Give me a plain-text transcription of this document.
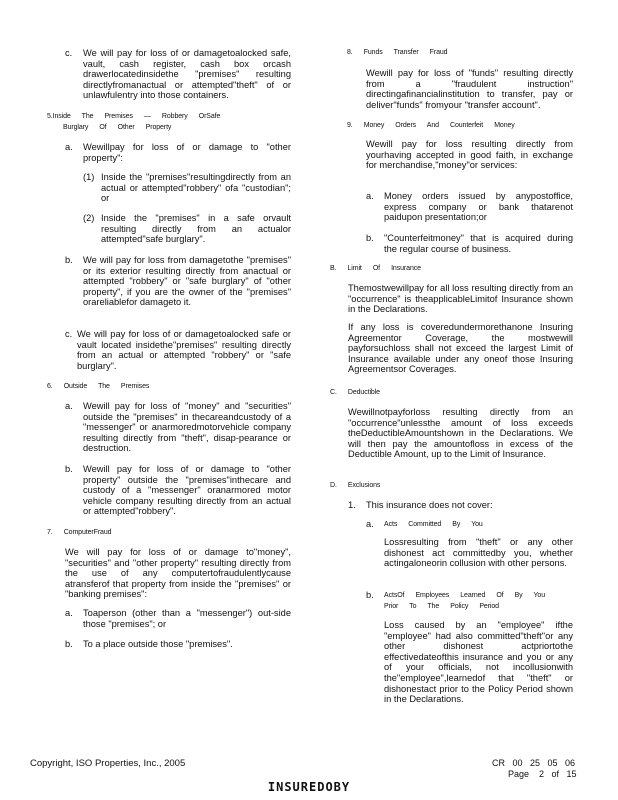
c. We will pay for loss of or damagetoalocked safe, vault, cash register, cash box orcash drawerlocatedinsidethe "premises" resulting directlyfromanactual or attempted"theft" of or unlawfulentry into those containers.
5.Inside      The      Premises      —      Robbery      OrSafe
Burglary      Of      Other      Property
a. Wewillpay for loss of or damage to "other property":
(1) Inside the "premises"resultingdirectly from an actual or attempted"robbery" ofa "custodian"; or
(2) Inside the "premises" in a safe orvault resulting directly from an actualor attempted"safe burglary".
b. We will pay for loss from damagetothe "premises" or its exterior resulting directly from anactual or attempted "robbery" or "safe burglary" of "other property", if you are the owner of the "premises" orareliablefor damageto it.
c. We will pay for loss of or damagetoalocked safe or vault located insidethe"premises" resulting directly from an actual or attempted "robbery" or "safe burglary".
6.      Outside      The      Premises
a. Wewill pay for loss of "money" and "securities" outside the "premises" in thecareandcustody of a "messenger" or anarmoredmotorvehicle company resulting directly from "theft", disap-pearance or destruction.
b. Wewill pay for loss of or damage to "other property" outside the "premises"inthecare and custody of a "messenger" oranarmored motor vehicle company resulting directly from an actual or attempted"robbery".
7.      ComputerFraud
We will pay for loss of or damage to"money", "securities" and "other property" resulting directly from the use of any computertofraudulentlycause atransferof that property from inside the "premises" or "banking premises":
a. Toaperson (other than a "messenger") out-side those "premises"; or
b. To a place outside those "premises".
8.      Funds      Transfer      Fraud
Wewill pay for loss of "funds" resulting directly from a "fraudulent instruction" directingafinancialinstitution to transfer, pay or deliver"funds" fromyour "transfer account".
9.      Money      Orders      And      Counterfeit      Money
Wewill pay for loss resulting directly from yourhaving accepted in good faith, in exchange for merchandise,"money"or services:
a. Money orders issued by anypostoffice, express company or bank thatarenot paidupon presentation;or
b. "Counterfeitmoney" that is acquired during the regular course of business.
B.      Limit      Of      Insurance
Themostwewillpay for all loss resulting directly from an "occurrence" is theapplicableLimitof Insurance shown in the Declarations.
If any loss is coveredundermorethanone Insuring Agreementor Coverage, the mostwewill payforsuchloss shall not exceed the largest Limit of Insurance available under any oneof those Insuring Agreementsor Coverages.
C.      Deductible
Wewillnotpayforloss resulting directly from an "occurrence"unlessthe amount of loss exceeds theDeductibleAmountshown in the Declarations. We will then pay the amountofloss in excess of the Deductible Amount, up to the Limit of Insurance.
D.      Exclusions
1. This insurance does not cover:
a. Acts      Committed      By      You
Lossresulting from "theft" or any other dishonest act committedby you, whether actingaloneorin collusion with other persons.
b. ActsOf      Employees      Learned      Of      By      You
Prior      To      The      Policy      Period
Loss caused by an "employee" ifthe "employee" had also committed"theft"or any other dishonest actpriortothe effectivedateofthis insurance and you or any of your officials, not incollusionwith the"employee",learnedof that "theft" or dishonestact prior to the Policy Period shown in the Declarations.
Copyright, ISO Properties, Inc., 2005	CR   00   25   05   06
Page    2   of   15
INSUREDOBY
